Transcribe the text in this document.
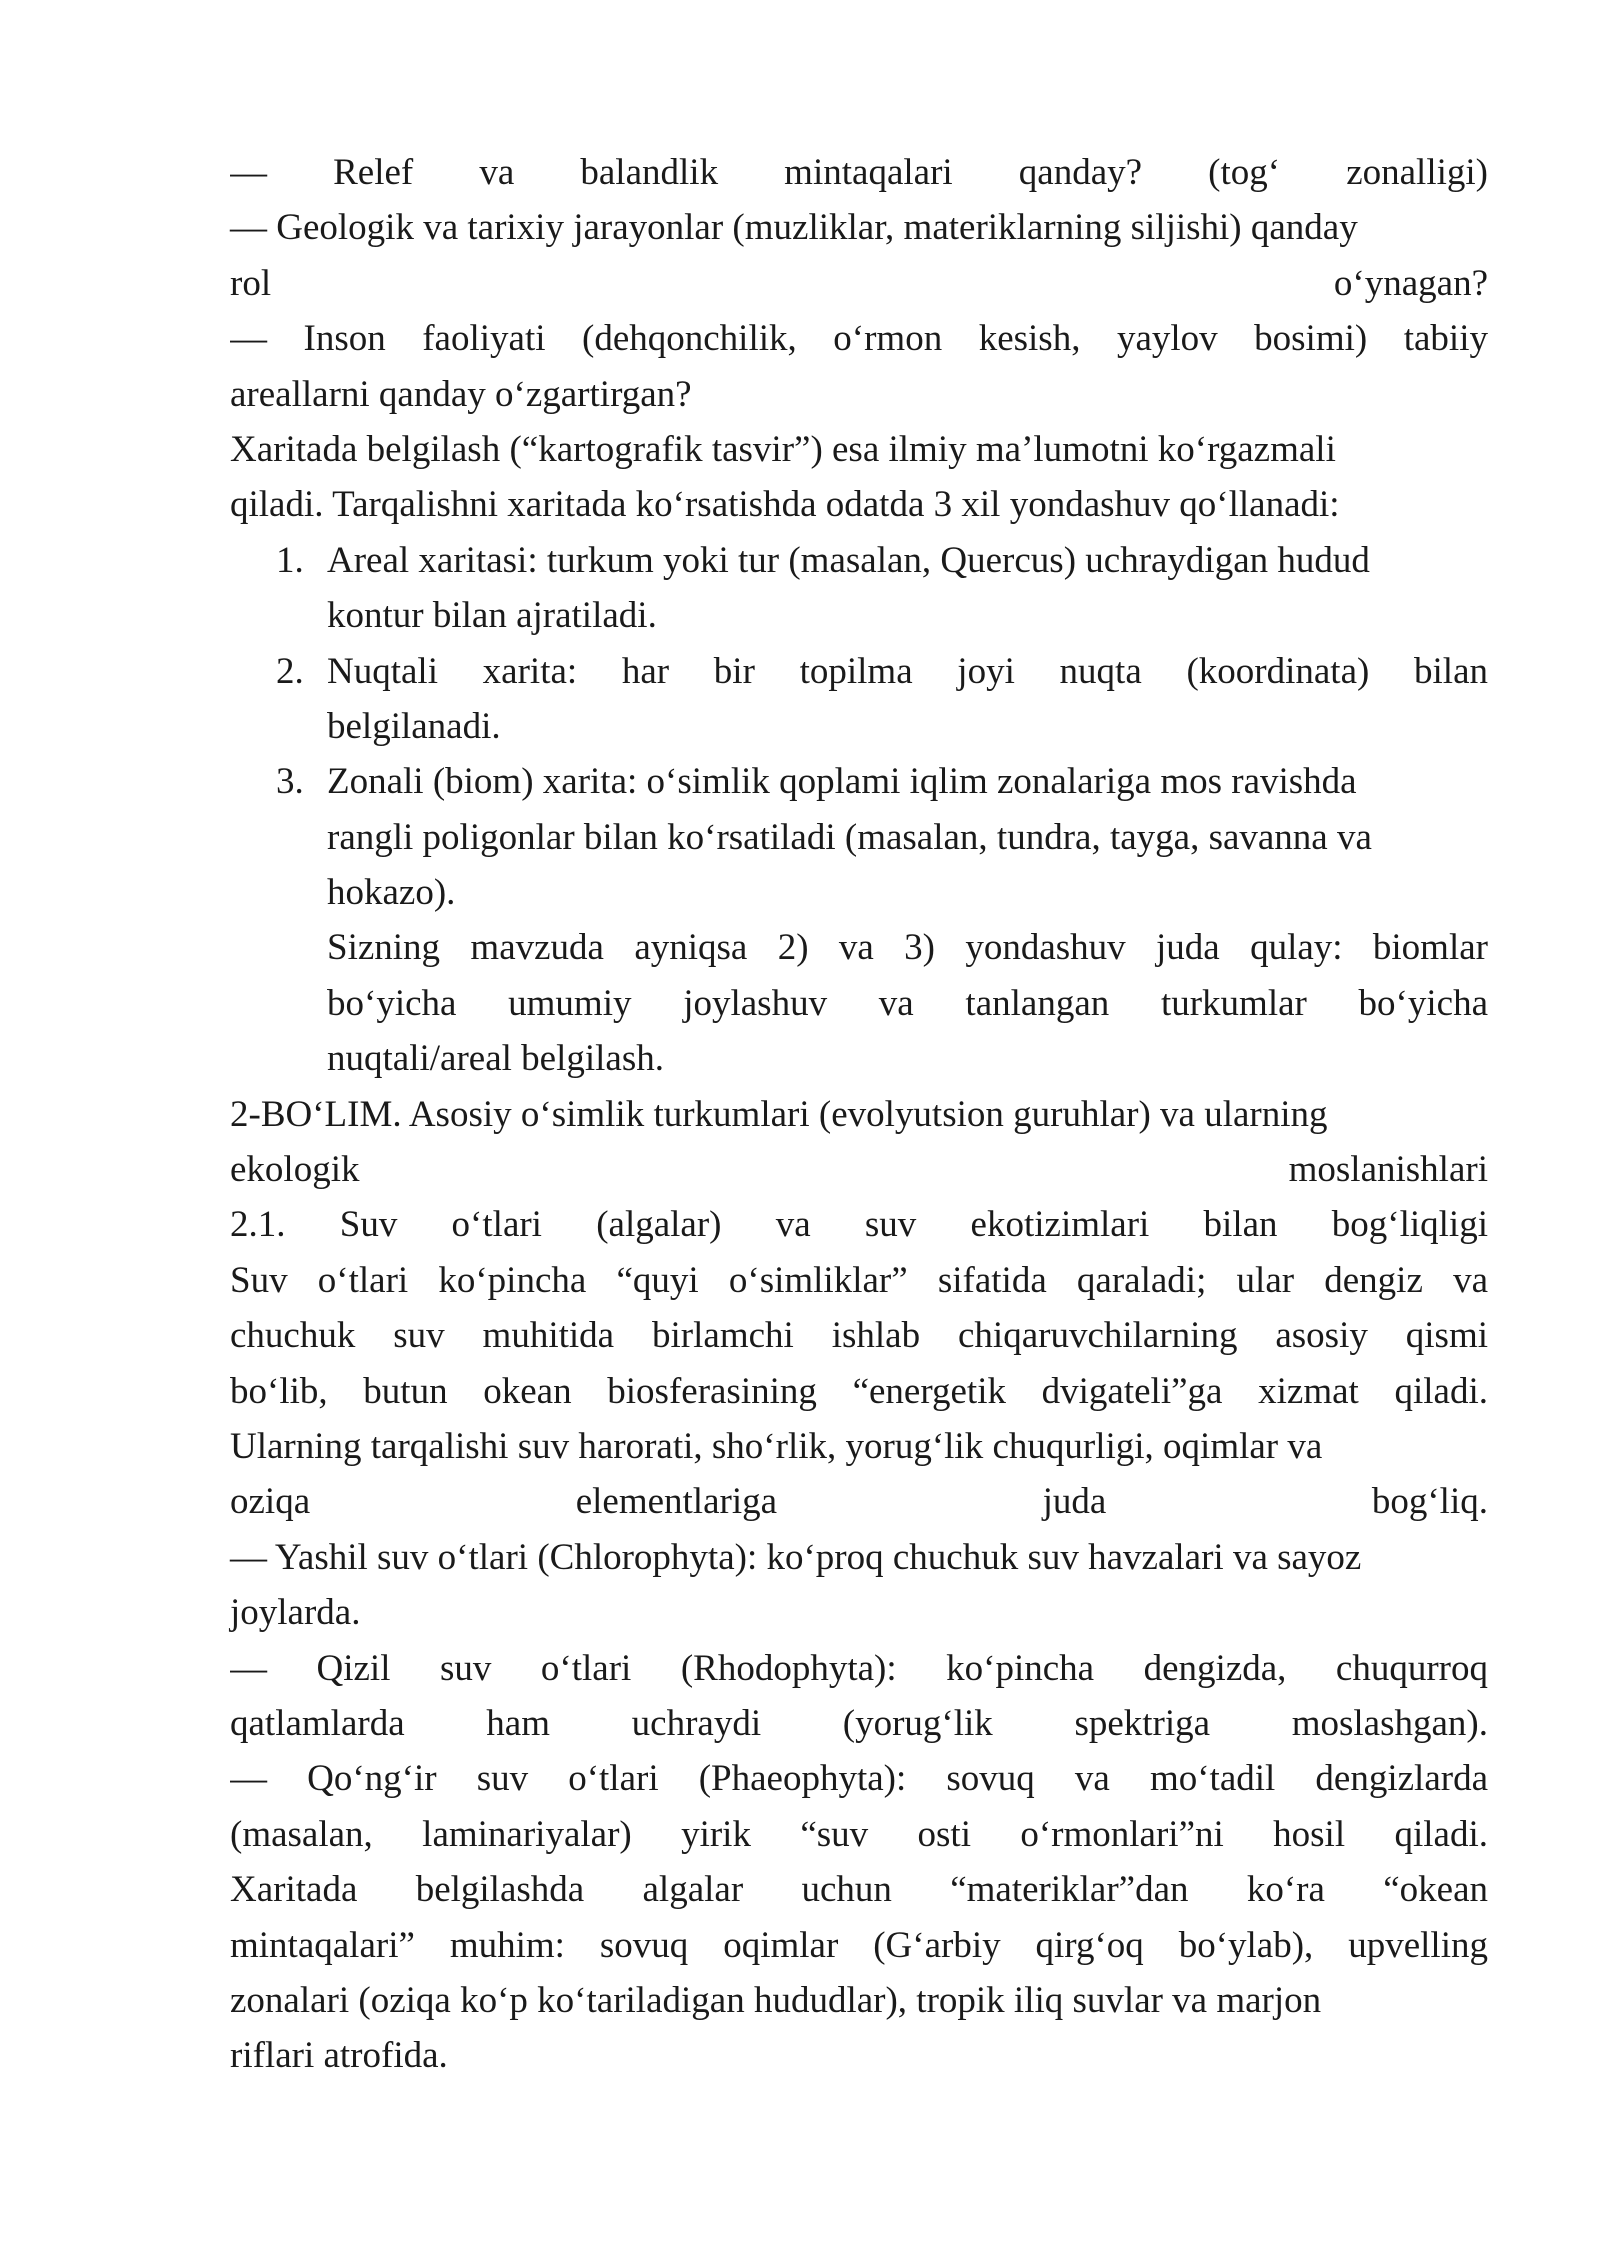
— Relef va balandlik mintaqalari qanday? (tog‘ zonalligi)
— Geologik va tarixiy jarayonlar (muzliklar, materiklarning siljishi) qanday
rol o‘ynagan?
— Inson faoliyati (dehqonchilik, o‘rmon kesish, yaylov bosimi) tabiiy
areallarni qanday o‘zgartirgan?
Xaritada belgilash (“kartografik tasvir”) esa ilmiy ma’lumotni ko‘rgazmali
qiladi. Tarqalishni xaritada ko‘rsatishda odatda 3 xil yondashuv qo‘llanadi:
1. Areal xaritasi: turkum yoki tur (masalan, Quercus) uchraydigan hudud
kontur bilan ajratiladi.
2. Nuqtali xarita: har bir topilma joyi nuqta (koordinata) bilan
belgilanadi.
3. Zonali (biom) xarita: o‘simlik qoplami iqlim zonalariga mos ravishda
rangli poligonlar bilan ko‘rsatiladi (masalan, tundra, tayga, savanna va
hokazo).
Sizning mavzuda ayniqsa 2) va 3) yondashuv juda qulay: biomlar
bo‘yicha umumiy joylashuv va tanlangan turkumlar bo‘yicha
nuqtali/areal belgilash.
2-BO‘LIM. Asosiy o‘simlik turkumlari (evolyutsion guruhlar) va ularning
ekologik moslanishlari
2.1. Suv o‘tlari (algalar) va suv ekotizimlari bilan bog‘liqligi
Suv o‘tlari ko‘pincha “quyi o‘simliklar” sifatida qaraladi; ular dengiz va
chuchuk suv muhitida birlamchi ishlab chiqaruvchilarning asosiy qismi
bo‘lib, butun okean biosferasining “energetik dvigateli”ga xizmat qiladi.
Ularning tarqalishi suv harorati, sho‘rlik, yorug‘lik chuqurligi, oqimlar va
oziqa elementlariga juda bog‘liq.
— Yashil suv o‘tlari (Chlorophyta): ko‘proq chuchuk suv havzalari va sayoz
joylarda.
— Qizil suv o‘tlari (Rhodophyta): ko‘pincha dengizda, chuqurroq
qatlamlarda ham uchraydi (yorug‘lik spektriga moslashgan).
— Qo‘ng‘ir suv o‘tlari (Phaeophyta): sovuq va mo‘tadil dengizlarda
(masalan, laminariyalar) yirik “suv osti o‘rmonlari”ni hosil qiladi.
Xaritada belgilashda algalar uchun “materiklar”dan ko‘ra “okean
mintaqalari” muhim: sovuq oqimlar (G‘arbiy qirg‘oq bo‘ylab), upvelling
zonalari (oziqa ko‘p ko‘tariladigan hududlar), tropik iliq suvlar va marjon
riflari atrofida.
